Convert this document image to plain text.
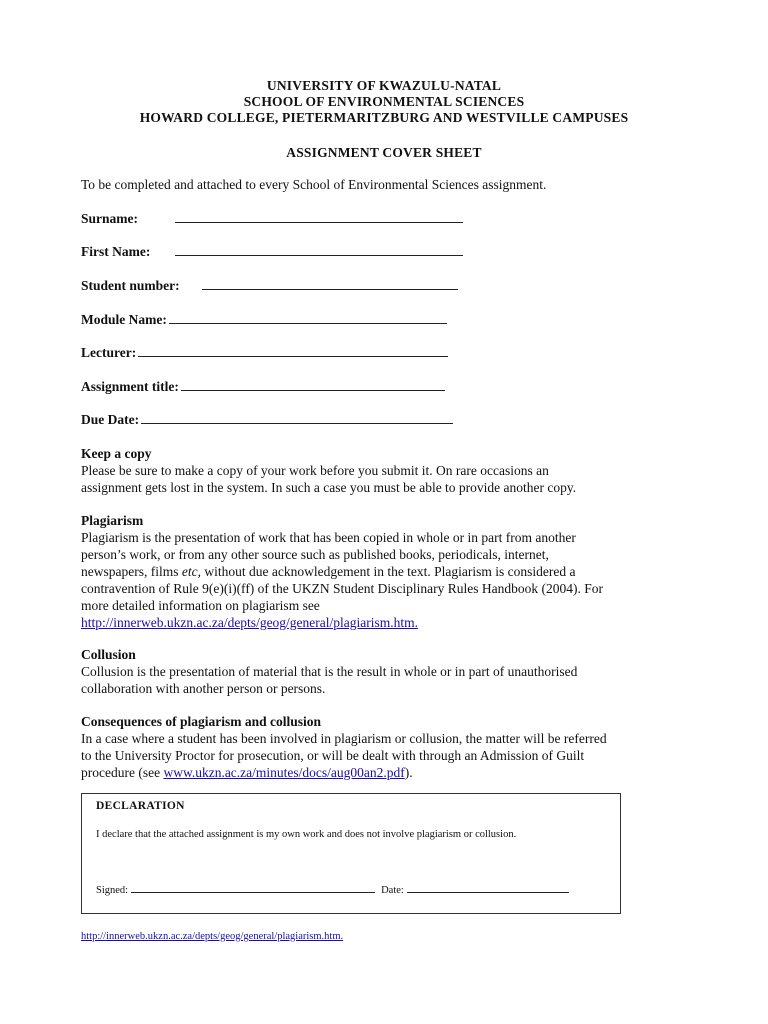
UNIVERSITY OF KWAZULU-NATAL
SCHOOL OF ENVIRONMENTAL SCIENCES
HOWARD COLLEGE, PIETERMARITZBURG AND WESTVILLE CAMPUSES
ASSIGNMENT COVER SHEET
To be completed and attached to every School of Environmental Sciences assignment.
Surname:
First Name:
Student number:
Module Name:
Lecturer:
Assignment title:
Due Date:
Keep a copy
Please be sure to make a copy of your work before you submit it. On rare occasions an
assignment gets lost in the system. In such a case you must be able to provide another copy.
Plagiarism
Plagiarism is the presentation of work that has been copied in whole or in part from another
person’s work, or from any other source such as published books, periodicals, internet,
newspapers, films etc, without due acknowledgement in the text. Plagiarism is considered a
contravention of Rule 9(e)(i)(ff) of the UKZN Student Disciplinary Rules Handbook (2004). For
more detailed information on plagiarism see
http://innerweb.ukzn.ac.za/depts/geog/general/plagiarism.htm.
Collusion
Collusion is the presentation of material that is the result in whole or in part of unauthorised
collaboration with another person or persons.
Consequences of plagiarism and collusion
In a case where a student has been involved in plagiarism or collusion, the matter will be referred
to the University Proctor for prosecution, or will be dealt with through an Admission of Guilt
procedure (see www.ukzn.ac.za/minutes/docs/aug00an2.pdf).
DECLARATION
I declare that the attached assignment is my own work and does not involve plagiarism or collusion.
Signed:	Date:
http://innerweb.ukzn.ac.za/depts/geog/general/plagiarism.htm.
